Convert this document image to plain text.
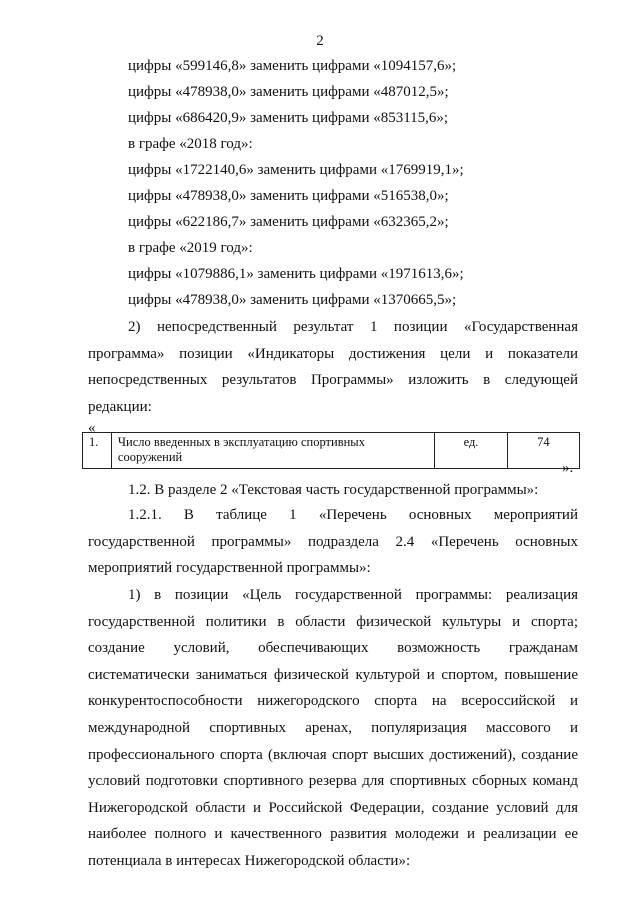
2
цифры «599146,8» заменить цифрами «1094157,6»;
цифры «478938,0» заменить цифрами «487012,5»;
цифры «686420,9» заменить цифрами «853115,6»;
в графе «2018 год»:
цифры «1722140,6» заменить цифрами «1769919,1»;
цифры «478938,0» заменить цифрами «516538,0»;
цифры «622186,7» заменить цифрами «632365,2»;
в графе «2019 год»:
цифры «1079886,1» заменить цифрами «1971613,6»;
цифры «478938,0» заменить цифрами «1370665,5»;
2) непосредственный результат 1 позиции «Государственная программа» позиции «Индикаторы достижения цели и показатели непосредственных результатов Программы» изложить в следующей редакции:
«
1.	Число введенных в эксплуатацию спортивных сооружений	ед.	74
».
1.2. В разделе 2 «Текстовая часть государственной программы»:
1.2.1. В таблице 1 «Перечень основных мероприятий государственной программы» подраздела 2.4 «Перечень основных мероприятий государственной программы»:
1) в позиции «Цель государственной программы: реализация государственной политики в области физической культуры и спорта; создание условий, обеспечивающих возможность гражданам систематически заниматься физической культурой и спортом, повышение конкурентоспособности нижегородского спорта на всероссийской и международной спортивных аренах, популяризация массового и профессионального спорта (включая спорт высших достижений), создание условий подготовки спортивного резерва для спортивных сборных команд Нижегородской области и Российской Федерации, создание условий для наиболее полного и качественного развития молодежи и реализации ее потенциала в интересах Нижегородской области»:
